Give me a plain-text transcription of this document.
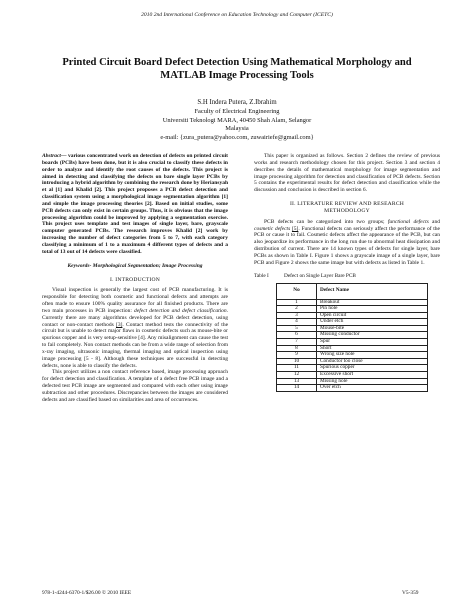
2010 2nd International Conference on Education Technology and Computer (ICETC)
Printed Circuit Board Defect Detection Using Mathematical Morphology and MATLAB Image Processing Tools
S.H Indera Putera, Z.Ibrahim
Faculty of Electrical Engineering
Universiti Teknologi MARA, 40450 Shah Alam, Selangor
Malaysia
e-mail: {zura_putera@yahoo.com, zuwairiefe@gmail.com}

Abstract— various concentrated work on detection of defects on printed circuit boards (PCBs) have been done, but it is also crucial to classify these defects in order to analyze and identify the root causes of the defects. This project is aimed in detecting and classifying the defects on bare single layer PCBs by introducing a hybrid algorithm by combining the research done by Heriansyah et al [1] and Khalid [2]. This project proposes a PCB defect detection and classification system using a morphological image segmentation algorithm [1] and simple the image processing theories [2]. Based on initial studies, some PCB defects can only exist in certain groups. Thus, it is obvious that the image processing algorithm could be improved by applying a segmentation exercise. This project uses template and test images of single layer, bare, grayscale computer generated PCBs. The research improves Khalid [2] work by increasing the number of defect categories from 5 to 7, with each category classifying a minimum of 1 to a maximum 4 different types of defects and a total of 13 out of 14 defects were classified.

Keywords- Morphological Segmentation; Image Processing

I. INTRODUCTION

Visual inspection is generally the largest cost of PCB manufacturing. It is responsible for detecting both cosmetic and functional defects and attempts are often made to ensure 100% quality assurance for all finished products. There are two main processes in PCB inspection: defect detection and defect classification. Currently there are many algorithms developed for PCB defect detection, using contact or non-contact methods [3]. Contact method tests the connectivity of the circuit but is unable to detect major flaws in cosmetic defects such as mouse-bite or spurious copper and is very setup-sensitive [4]. Any misalignment can cause the test to fail completely. Non contact methods can be from a wide range of selection from x-ray imaging, ultrasonic imaging, thermal imaging and optical inspection using image processing [5 - 8]. Although these techniques are successful in detecting defects, none is able to classify the defects.

This project utilizes a non contact reference based, image processing approach for defect detection and classification. A template of a defect free PCB image and a defected test PCB image are segmented and compared with each other using image subtraction and other procedures. Discrepancies between the images are considered defects and are classified based on similarities and area of occurrences.

This paper is organized as follows. Section 2 defines the review of previous works and research methodology chosen for this project. Section 3 and section 4 describes the details of mathematical morphology for image segmentation and image processing algorithm for detection and classification of PCB defects. Section 5 contains the experimental results for defect detection and classification while the discussion and conclusion is described in section 6.

II. LITERATURE REVIEW AND RESEARCH
METHODOLOGY

PCB defects can be categorized into two groups; functional defects and cosmetic defects [5]. Functional defects can seriously affect the performance of the PCB or cause it to fail. Cosmetic defects affect the appearance of the PCB, but can also jeopardize its performance in the long run due to abnormal heat dissipation and distribution of current. There are 14 known types of defects for single layer, bare PCBs as shown in Table I. Figure 1 shows a grayscale image of a single layer, bare PCB and Figure 2 shows the same image but with defects as listed in Table 1.

Table I	Defect on Single Layer Bare PCB
No	Defect Name
1	Breakout
2	Pin hole
3	Open circuit
4	Under etch
5	Mouse-bite
6	Missing conductor
7	Spur
8	Short
9	Wrong size hole
10	Conductor too close
11	Spurious copper
12	Excessive short
13	Missing hole
14	Over etch
978-1-4244-6370-1/$26.00 © 2010 IEEE	V5-359
